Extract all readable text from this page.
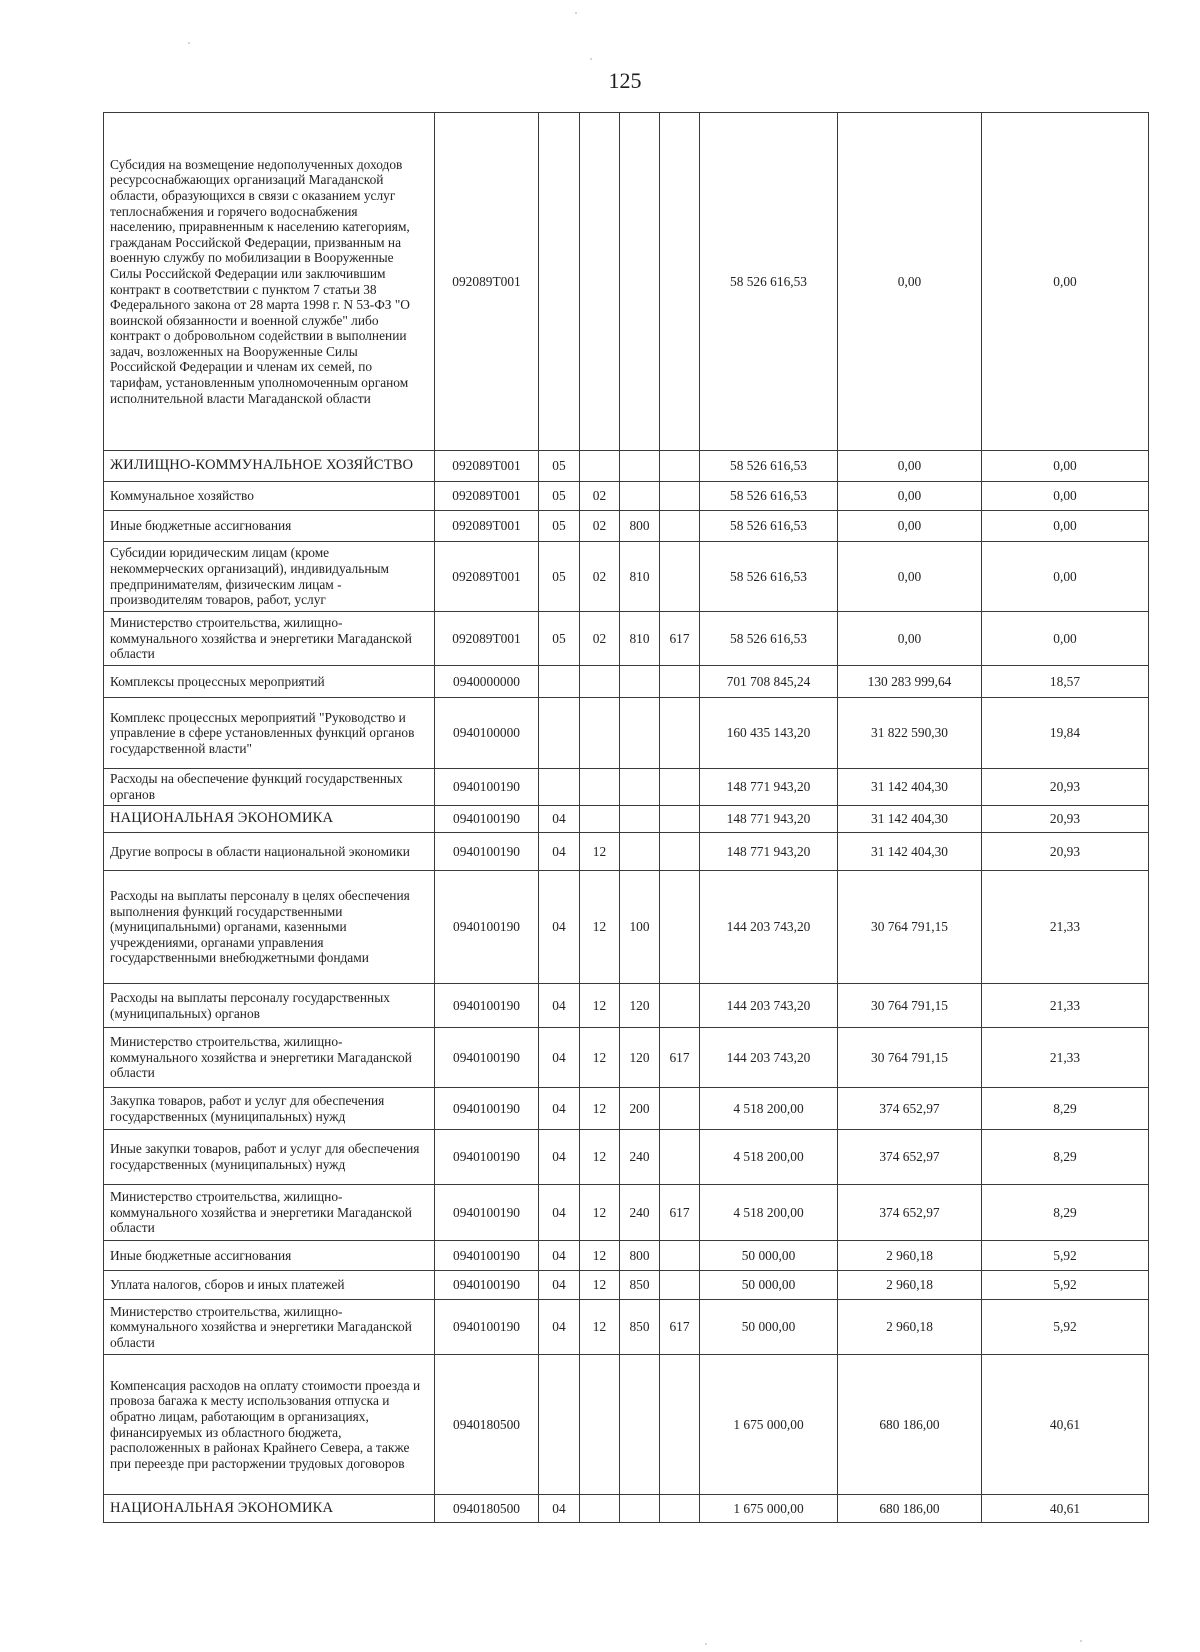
125
Субсидия на возмещение недополученных доходов ресурсоснабжающих организаций Магаданской области, образующихся в связи с оказанием услуг теплоснабжения и горячего водоснабжения населению, приравненным к населению категориям, гражданам Российской Федерации, призванным на военную службу по мобилизации в Вооруженные Силы Российской Федерации или заключившим контракт в соответствии с пунктом 7 статьи 38 Федерального закона от 28 марта 1998 г. N 53-ФЗ "О воинской обязанности и военной службе" либо контракт о добровольном содействии в выполнении задач, возложенных на Вооруженные Силы Российской Федерации и членам их семей, по тарифам, установленным уполномоченным органом исполнительной власти Магаданской области	092089Т001					58 526 616,53	0,00	0,00
ЖИЛИЩНО-КОММУНАЛЬНОЕ ХОЗЯЙСТВО	092089Т001	05				58 526 616,53	0,00	0,00
Коммунальное хозяйство	092089Т001	05	02			58 526 616,53	0,00	0,00
Иные бюджетные ассигнования	092089Т001	05	02	800		58 526 616,53	0,00	0,00
Субсидии юридическим лицам (кроме некоммерческих организаций), индивидуальным предпринимателям, физическим лицам - производителям товаров, работ, услуг	092089Т001	05	02	810		58 526 616,53	0,00	0,00
Министерство строительства, жилищно-коммунального хозяйства и энергетики Магаданской области	092089Т001	05	02	810	617	58 526 616,53	0,00	0,00
Комплексы процессных мероприятий	0940000000					701 708 845,24	130 283 999,64	18,57
Комплекс процессных мероприятий "Руководство и управление в сфере установленных функций органов государственной власти"	0940100000					160 435 143,20	31 822 590,30	19,84
Расходы на обеспечение функций государственных органов	0940100190					148 771 943,20	31 142 404,30	20,93
НАЦИОНАЛЬНАЯ ЭКОНОМИКА	0940100190	04				148 771 943,20	31 142 404,30	20,93
Другие вопросы в области национальной экономики	0940100190	04	12			148 771 943,20	31 142 404,30	20,93
Расходы на выплаты персоналу в целях обеспечения выполнения функций государственными (муниципальными) органами, казенными учреждениями, органами управления государственными внебюджетными фондами	0940100190	04	12	100		144 203 743,20	30 764 791,15	21,33
Расходы на выплаты персоналу государственных (муниципальных) органов	0940100190	04	12	120		144 203 743,20	30 764 791,15	21,33
Министерство строительства, жилищно-коммунального хозяйства и энергетики Магаданской области	0940100190	04	12	120	617	144 203 743,20	30 764 791,15	21,33
Закупка товаров, работ и услуг для обеспечения государственных (муниципальных) нужд	0940100190	04	12	200		4 518 200,00	374 652,97	8,29
Иные закупки товаров, работ и услуг для обеспечения государственных (муниципальных) нужд	0940100190	04	12	240		4 518 200,00	374 652,97	8,29
Министерство строительства, жилищно-коммунального хозяйства и энергетики Магаданской области	0940100190	04	12	240	617	4 518 200,00	374 652,97	8,29
Иные бюджетные ассигнования	0940100190	04	12	800		50 000,00	2 960,18	5,92
Уплата налогов, сборов и иных платежей	0940100190	04	12	850		50 000,00	2 960,18	5,92
Министерство строительства, жилищно-коммунального хозяйства и энергетики Магаданской области	0940100190	04	12	850	617	50 000,00	2 960,18	5,92
Компенсация расходов на оплату стоимости проезда и провоза багажа к месту использования отпуска и обратно лицам, работающим в организациях, финансируемых из областного бюджета, расположенных в районах Крайнего Севера, а также при переезде при расторжении трудовых договоров	0940180500					1 675 000,00	680 186,00	40,61
НАЦИОНАЛЬНАЯ ЭКОНОМИКА	0940180500	04				1 675 000,00	680 186,00	40,61
